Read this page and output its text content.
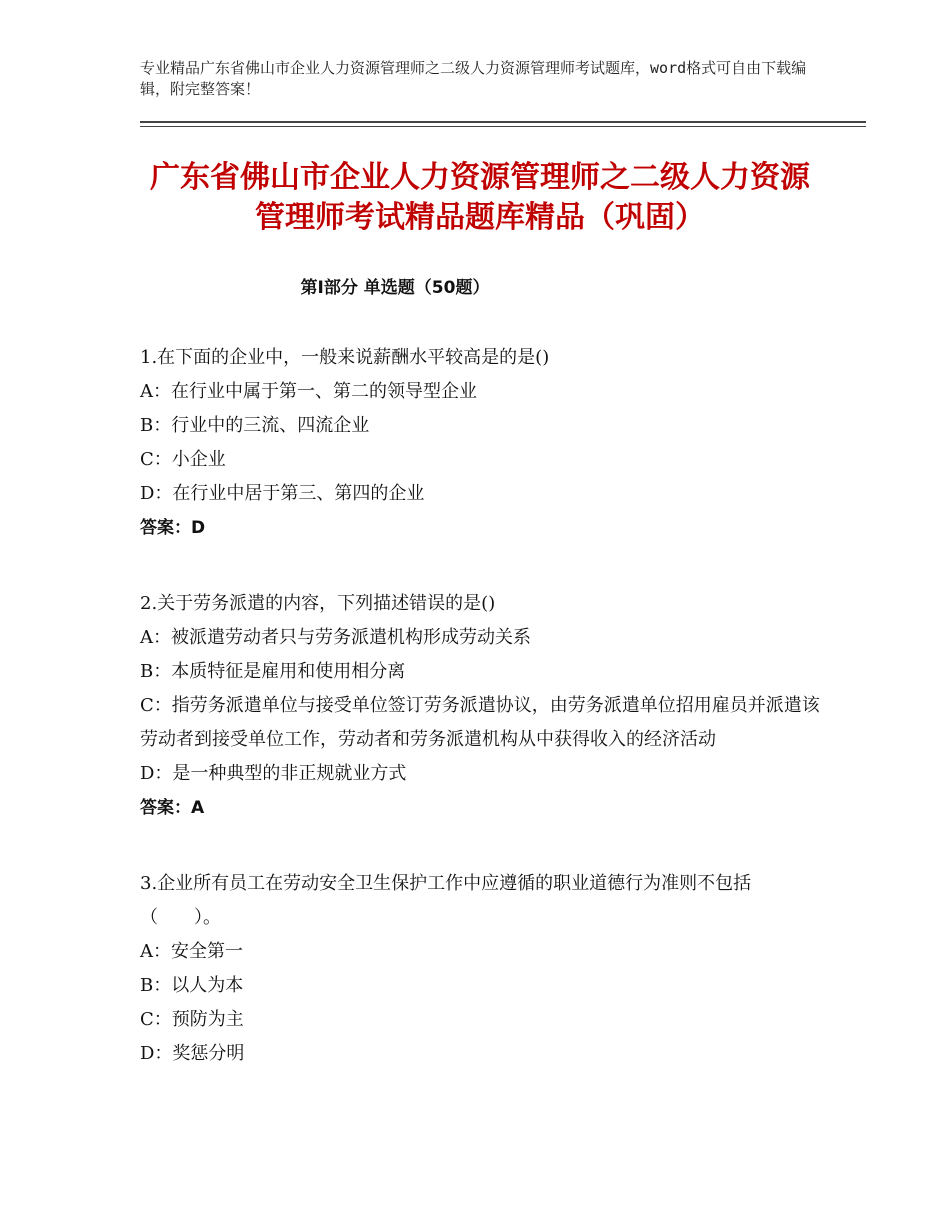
专业精品广东省佛山市企业人力资源管理师之二级人力资源管理师考试题库，word格式可自由下载编辑，附完整答案！
广东省佛山市企业人力资源管理师之二级人力资源管理师考试精品题库精品（巩固）
第Ⅰ部分 单选题（50题）

1.在下面的企业中，一般来说薪酬水平较高是的是()

A：在行业中属于第一、第二的领导型企业

B：行业中的三流、四流企业

C：小企业

D：在行业中居于第三、第四的企业

答案：D

2.关于劳务派遣的内容，下列描述错误的是()

A：被派遣劳动者只与劳务派遣机构形成劳动关系

B：本质特征是雇用和使用相分离

C：指劳务派遣单位与接受单位签订劳务派遣协议，由劳务派遣单位招用雇员并派遣该劳动者到接受单位工作，劳动者和劳务派遣机构从中获得收入的经济活动

D：是一种典型的非正规就业方式

答案：A

3.企业所有员工在劳动安全卫生保护工作中应遵循的职业道德行为准则不包括（　　）。

A：安全第一

B：以人为本

C：预防为主

D：奖惩分明
